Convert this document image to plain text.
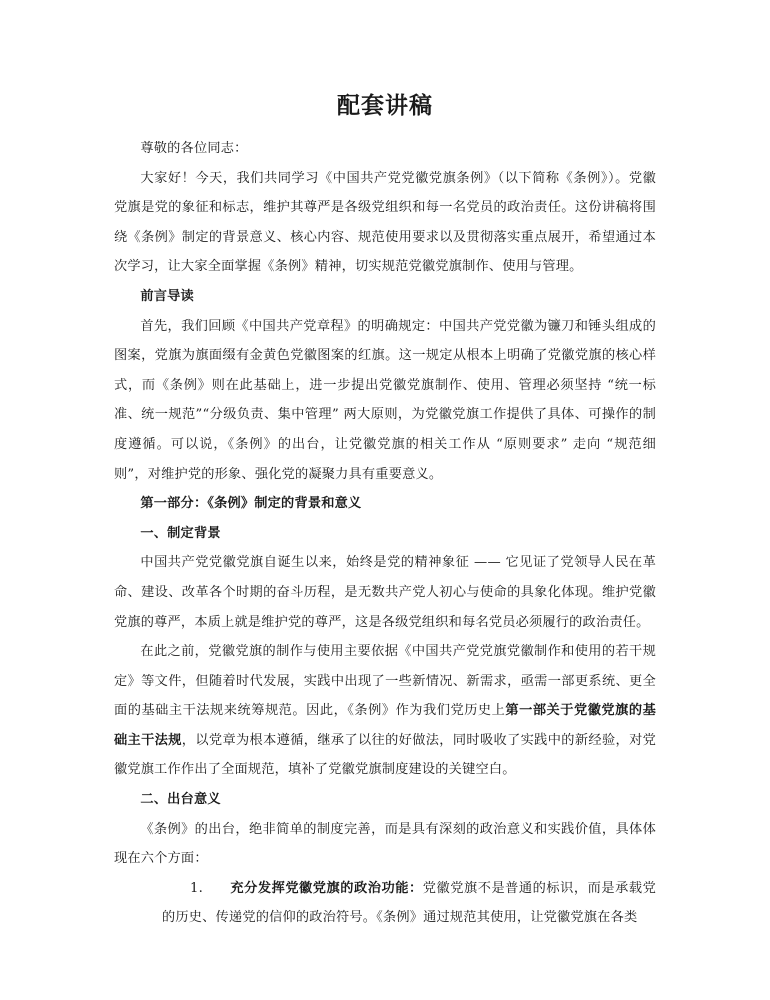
配套讲稿

尊敬的各位同志：

大家好！今天，我们共同学习《中国共产党党徽党旗条例》（以下简称《条例》）。党徽党旗是党的象征和标志，维护其尊严是各级党组织和每一名党员的政治责任。这份讲稿将围绕《条例》制定的背景意义、核心内容、规范使用要求以及贯彻落实重点展开，希望通过本次学习，让大家全面掌握《条例》精神，切实规范党徽党旗制作、使用与管理。

前言导读

首先，我们回顾《中国共产党章程》的明确规定：中国共产党党徽为镰刀和锤头组成的图案，党旗为旗面缀有金黄色党徽图案的红旗。这一规定从根本上明确了党徽党旗的核心样式，而《条例》则在此基础上，进一步提出党徽党旗制作、使用、管理必须坚持 “统一标准、统一规范”“分级负责、集中管理” 两大原则，为党徽党旗工作提供了具体、可操作的制度遵循。可以说，《条例》的出台，让党徽党旗的相关工作从 “原则要求” 走向 “规范细则”，对维护党的形象、强化党的凝聚力具有重要意义。

第一部分：《条例》制定的背景和意义

一、制定背景

中国共产党党徽党旗自诞生以来，始终是党的精神象征 —— 它见证了党领导人民在革命、建设、改革各个时期的奋斗历程，是无数共产党人初心与使命的具象化体现。维护党徽党旗的尊严，本质上就是维护党的尊严，这是各级党组织和每名党员必须履行的政治责任。

在此之前，党徽党旗的制作与使用主要依据《中国共产党党旗党徽制作和使用的若干规定》等文件，但随着时代发展，实践中出现了一些新情况、新需求，亟需一部更系统、更全面的基础主干法规来统筹规范。因此，《条例》作为我们党历史上第一部关于党徽党旗的基础主干法规，以党章为根本遵循，继承了以往的好做法，同时吸收了实践中的新经验，对党徽党旗工作作出了全面规范，填补了党徽党旗制度建设的关键空白。

二、出台意义

《条例》的出台，绝非简单的制度完善，而是具有深刻的政治意义和实践价值，具体体现在六个方面：

1. 充分发挥党徽党旗的政治功能：党徽党旗不是普通的标识，而是承载党的历史、传递党的信仰的政治符号。《条例》通过规范其使用，让党徽党旗在各类
